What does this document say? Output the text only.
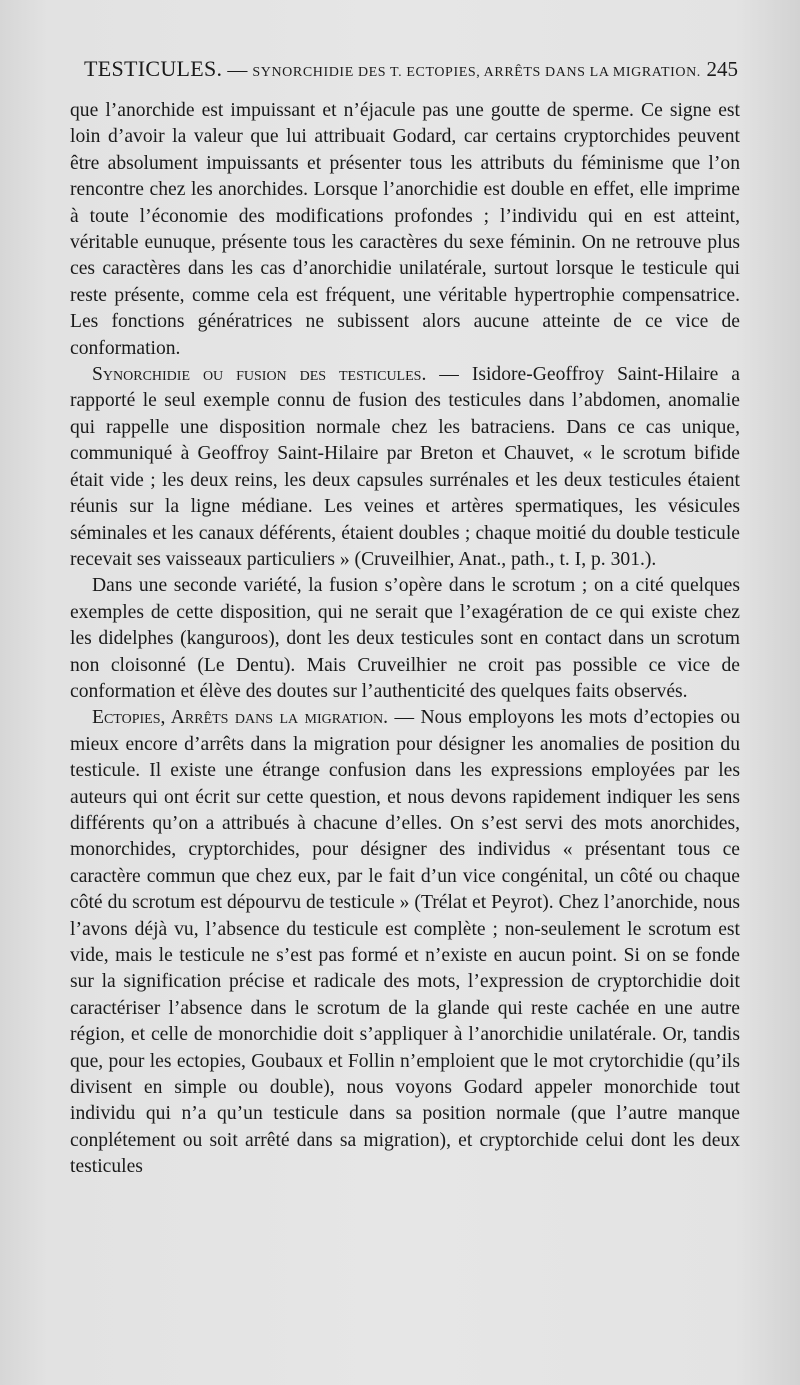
TESTICULES. — SYNORCHIDIE DES T. ECTOPIES, ARRÊTS DANS LA MIGRATION. 245

que l’anorchide est impuissant et n’éjacule pas une goutte de sperme. Ce signe est loin d’avoir la valeur que lui attribuait Godard, car certains cryptorchides peuvent être absolument impuissants et présenter tous les attributs du féminisme que l’on rencontre chez les anorchides. Lorsque l’anorchidie est double en effet, elle imprime à toute l’économie des modifications profondes ; l’individu qui en est atteint, véritable eunuque, présente tous les caractères du sexe féminin. On ne retrouve plus ces caractères dans les cas d’anorchidie unilatérale, surtout lorsque le testicule qui reste présente, comme cela est fréquent, une véritable hypertrophie compensatrice. Les fonctions génératrices ne subissent alors aucune atteinte de ce vice de conformation.

Synorchidie ou fusion des testicules. — Isidore-Geoffroy Saint-Hilaire a rapporté le seul exemple connu de fusion des testicules dans l’abdomen, anomalie qui rappelle une disposition normale chez les batraciens. Dans ce cas unique, communiqué à Geoffroy Saint-Hilaire par Breton et Chauvet, « le scrotum bifide était vide ; les deux reins, les deux capsules surrénales et les deux testicules étaient réunis sur la ligne médiane. Les veines et artères spermatiques, les vésicules séminales et les canaux déférents, étaient doubles ; chaque moitié du double testicule recevait ses vaisseaux particuliers » (Cruveilhier, Anat., path., t. I, p. 301.).

Dans une seconde variété, la fusion s’opère dans le scrotum ; on a cité quelques exemples de cette disposition, qui ne serait que l’exagération de ce qui existe chez les didelphes (kanguroos), dont les deux testicules sont en contact dans un scrotum non cloisonné (Le Dentu). Mais Cruveilhier ne croit pas possible ce vice de conformation et élève des doutes sur l’authenticité des quelques faits observés.

Ectopies, Arrêts dans la migration. — Nous employons les mots d’ectopies ou mieux encore d’arrêts dans la migration pour désigner les anomalies de position du testicule. Il existe une étrange confusion dans les expressions employées par les auteurs qui ont écrit sur cette question, et nous devons rapidement indiquer les sens différents qu’on a attribués à chacune d’elles. On s’est servi des mots anorchides, monorchides, cryptorchides, pour désigner des individus « présentant tous ce caractère commun que chez eux, par le fait d’un vice congénital, un côté ou chaque côté du scrotum est dépourvu de testicule » (Trélat et Peyrot). Chez l’anorchide, nous l’avons déjà vu, l’absence du testicule est complète ; non-seulement le scrotum est vide, mais le testicule ne s’est pas formé et n’existe en aucun point. Si on se fonde sur la signification précise et radicale des mots, l’expression de cryptorchidie doit caractériser l’absence dans le scrotum de la glande qui reste cachée en une autre région, et celle de monorchidie doit s’appliquer à l’anorchidie unilatérale. Or, tandis que, pour les ectopies, Goubaux et Follin n’emploient que le mot crytorchidie (qu’ils divisent en simple ou double), nous voyons Godard appeler monorchide tout individu qui n’a qu’un testicule dans sa position normale (que l’autre manque conplétement ou soit arrêté dans sa migration), et cryptorchide celui dont les deux testicules
